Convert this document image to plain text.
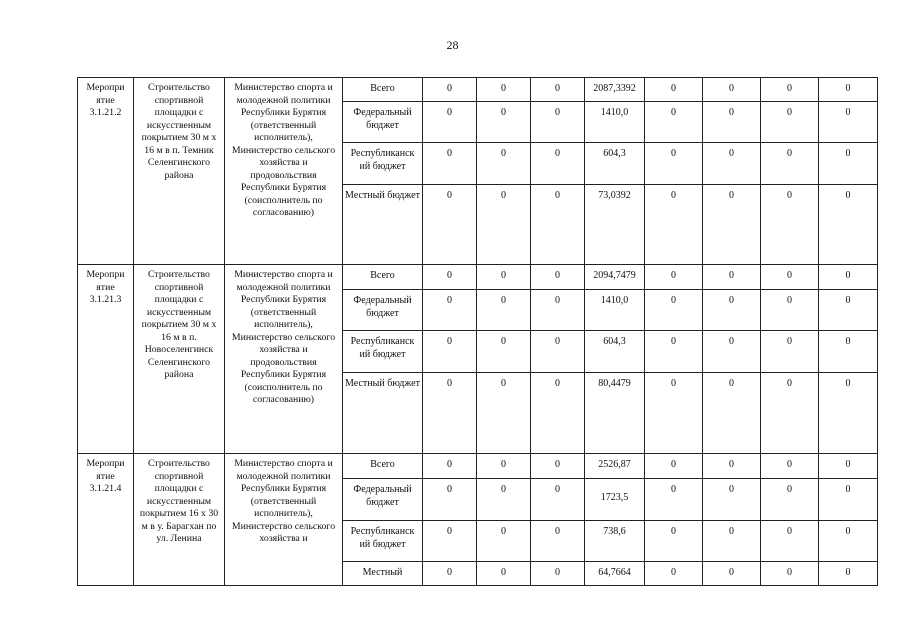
28
Меропри ятие 3.1.21.2	Строительство спортивной площадки с искусственным покрытием 30 м х 16 м в п. Темник Селенгинского района	Министерство спорта и молодежной политики Республики Бурятия (ответственный исполнитель), Министерство сельского хозяйства и продовольствия Республики Бурятия (соисполнитель по согласованию)	Всего	0	0	0	2087,3392	0	0	0	0
			Федеральный бюджет	0	0	0	1410,0	0	0	0	0
			Республиканск ий бюджет	0	0	0	604,3	0	0	0	0
			Местный бюджет	0	0	0	73,0392	0	0	0	0
Меропри ятие 3.1.21.3	Строительство спортивной площадки с искусственным покрытием 30 м х 16 м в п. Новоселенгинск Селенгинского района	Министерство спорта и молодежной политики Республики Бурятия (ответственный исполнитель), Министерство сельского хозяйства и продовольствия Республики Бурятия (соисполнитель по согласованию)	Всего	0	0	0	2094,7479	0	0	0	0
			Федеральный бюджет	0	0	0	1410,0	0	0	0	0
			Республиканск ий бюджет	0	0	0	604,3	0	0	0	0
			Местный бюджет	0	0	0	80,4479	0	0	0	0
Меропри ятие 3.1.21.4	Строительство спортивной площадки с искусственным покрытием 16 х 30 м в у. Барагхан по ул. Ленина	Министерство спорта и молодежной политики Республики Бурятия (ответственный исполнитель), Министерство сельского хозяйства и	Всего	0	0	0	2526,87	0	0	0	0
			Федеральный бюджет	0	0	0	1723,5	0	0	0	0
			Республиканск ий бюджет	0	0	0	738,6	0	0	0	0
			Местный	0	0	0	64,7664	0	0	0	0
